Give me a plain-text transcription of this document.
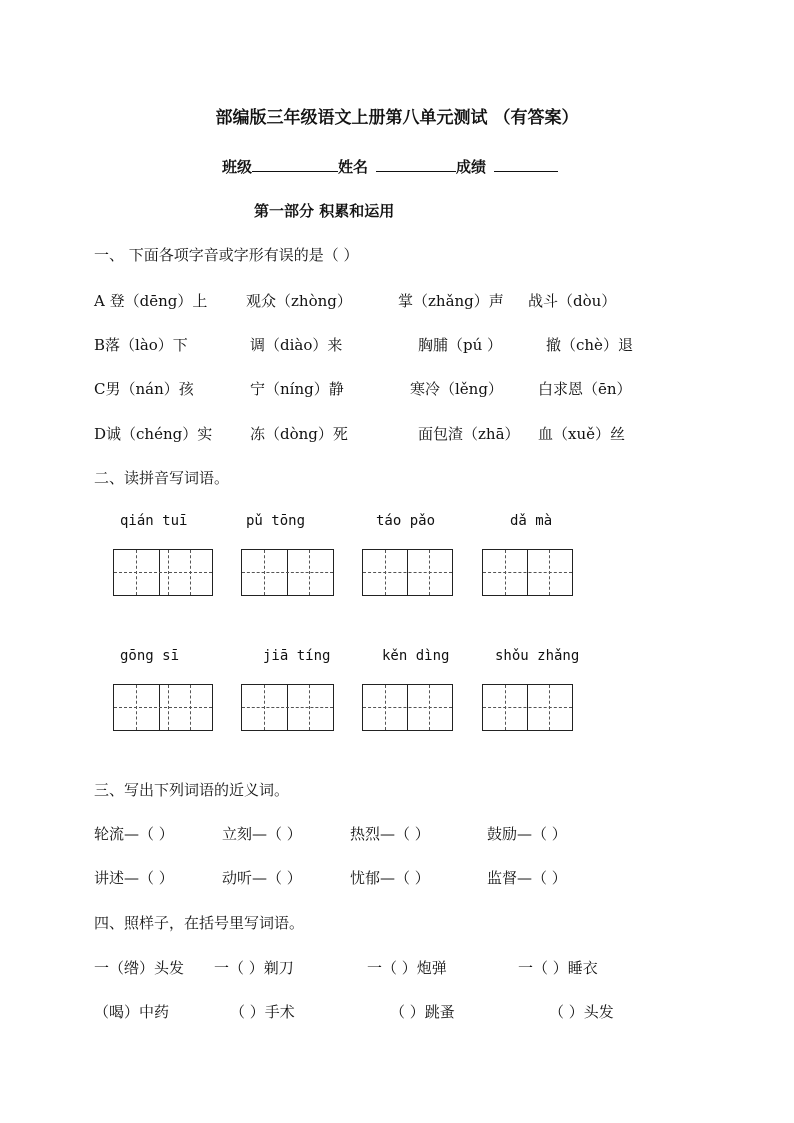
部编版三年级语文上册第八单元测试 （有答案）
班级	姓名	成绩
第一部分 积累和运用
一、 下面各项字音或字形有误的是（ ）
A 登（dēng）上	观众（zhòng）	掌（zhǎng）声 战斗（dòu）
B落（lào）下	调（diào）来	胸脯（pú ）	撤（chè）退
C男（nán）孩	宁（níng）静	寒冷（lěng） 白求恩（ēn）
D诚（chéng）实	冻（dòng）死	面包渣（zhā） 血（xuě）丝
二、读拼音写词语。
qián tuī	pǔ tōng	táo pǎo	dǎ mà
gōng sī	jiā tíng	kěn dìng	shǒu zhǎng
三、写出下列词语的近义词。
轮流—（ ）	立刻—（ ）	热烈—（ ）	鼓励—（ ）
讲述—（ ）	动听—（ ）	忧郁—（ ）	监督—（ ）
四、照样子，在括号里写词语。
一（绺）头发 一（ ）剃刀	一（ ）炮弹	一（ ）睡衣
（喝）中药	（ ）手术	（ ）跳蚤	（ ）头发
